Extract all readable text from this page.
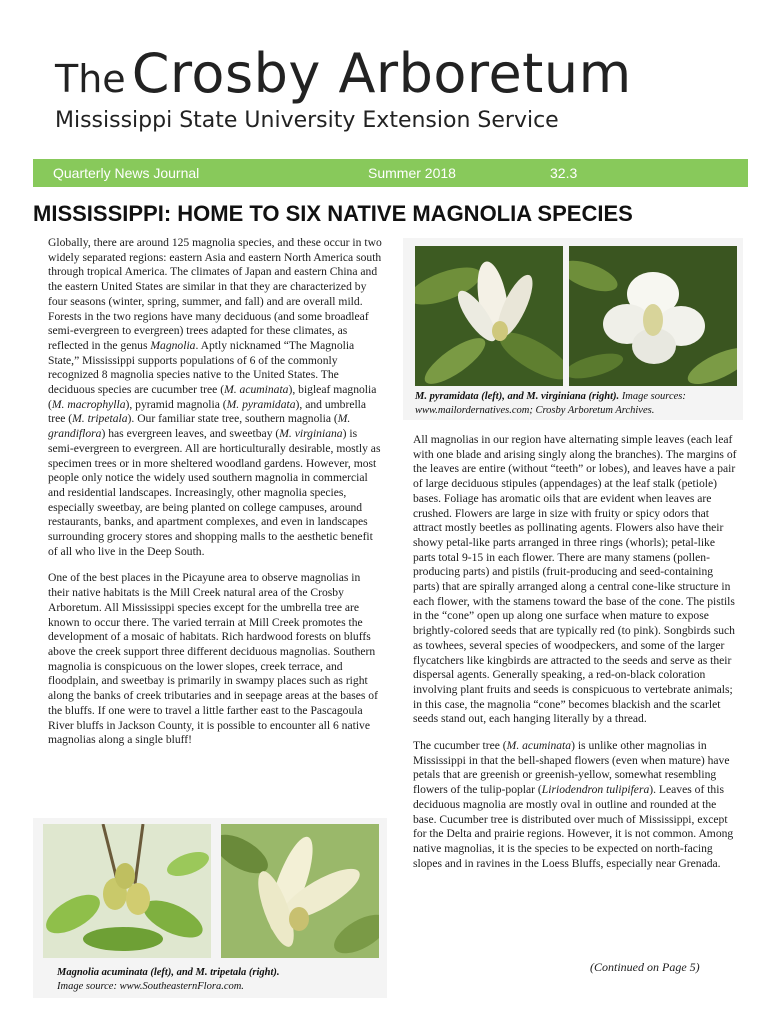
The Crosby Arboretum
Mississippi State University Extension Service
Quarterly News Journal	Summer 2018	32.3
MISSISSIPPI: HOME TO SIX NATIVE MAGNOLIA SPECIES

Globally, there are around 125 magnolia species, and these occur in two widely separated regions: eastern Asia and eastern North America south through tropical America. The climates of Japan and eastern China and the eastern United States are similar in that they are characterized by four seasons (winter, spring, summer, and fall) and are overall mild. Forests in the two regions have many deciduous (and some broadleaf semi-evergreen to evergreen) trees adapted for these climates, as reflected in the genus Magnolia. Aptly nicknamed “The Magnolia State,” Mississippi supports populations of 6 of the commonly recognized 8 magnolia species native to the United States. The deciduous species are cucumber tree (M. acuminata), bigleaf magnolia (M. macrophylla), pyramid magnolia (M. pyramidata), and umbrella tree (M. tripetala). Our familiar state tree, southern magnolia (M. grandiflora) has evergreen leaves, and sweetbay (M. virginiana) is semi-evergreen to evergreen. All are horticulturally desirable, mostly as specimen trees or in more sheltered woodland gardens. However, most people only notice the widely used southern magnolia in commercial and residential landscapes. Increasingly, other magnolia species, especially sweetbay, are being planted on college campuses, around restaurants, banks, and apartment complexes, and even in landscapes surrounding grocery stores and shopping malls to the aesthetic benefit of all who live in the Deep South.

One of the best places in the Picayune area to observe magnolias in their native habitats is the Mill Creek natural area of the Crosby Arboretum. All Mississippi species except for the umbrella tree are known to occur there. The varied terrain at Mill Creek promotes the development of a mosaic of habitats. Rich hardwood forests on bluffs above the creek support three different deciduous magnolias. Southern magnolia is conspicuous on the lower slopes, creek terrace, and floodplain, and sweetbay is primarily in swampy places such as right along the banks of creek tributaries and in seepage areas at the bases of the bluffs. If one were to travel a little farther east to the Pascagoula River bluffs in Jackson County, it is possible to encounter all 6 native magnolias along a single bluff!

M. pyramidata (left), and M. virginiana (right). Image sources: www.mailordernatives.com; Crosby Arboretum Archives.

All magnolias in our region have alternating simple leaves (each leaf with one blade and arising singly along the branches). The margins of the leaves are entire (without “teeth” or lobes), and leaves have a pair of large deciduous stipules (appendages) at the leaf stalk (petiole) bases. Foliage has aromatic oils that are evident when leaves are crushed. Flowers are large in size with fruity or spicy odors that attract mostly beetles as pollinating agents. Flowers also have their showy petal-like parts arranged in three rings (whorls); petal-like parts total 9-15 in each flower. There are many stamens (pollen-producing parts) and pistils (fruit-producing and seed-containing parts) that are spirally arranged along a central cone-like structure in each flower, with the stamens toward the base of the cone. The pistils in the “cone” open up along one surface when mature to expose brightly-colored seeds that are typically red (to pink). Songbirds such as towhees, several species of woodpeckers, and some of the larger flycatchers like kingbirds are attracted to the seeds and serve as their dispersal agents. Generally speaking, a red-on-black coloration involving plant fruits and seeds is conspicuous to vertebrate animals; in this case, the magnolia “cone” becomes blackish and the scarlet seeds stand out, each hanging literally by a thread.

The cucumber tree (M. acuminata) is unlike other magnolias in Mississippi in that the bell-shaped flowers (even when mature) have petals that are greenish or greenish-yellow, somewhat resembling flowers of the tulip-poplar (Liriodendron tulipifera). Leaves of this deciduous magnolia are mostly oval in outline and rounded at the base. Cucumber tree is distributed over much of Mississippi, except for the Delta and prairie regions. However, it is not common. Among native magnolias, it is the species to be expected on north-facing slopes and in ravines in the Loess Bluffs, especially near Grenada.

Magnolia acuminata (left), and M. tripetala (right).
Image source: www.SoutheasternFlora.com.
(Continued on Page 5)
